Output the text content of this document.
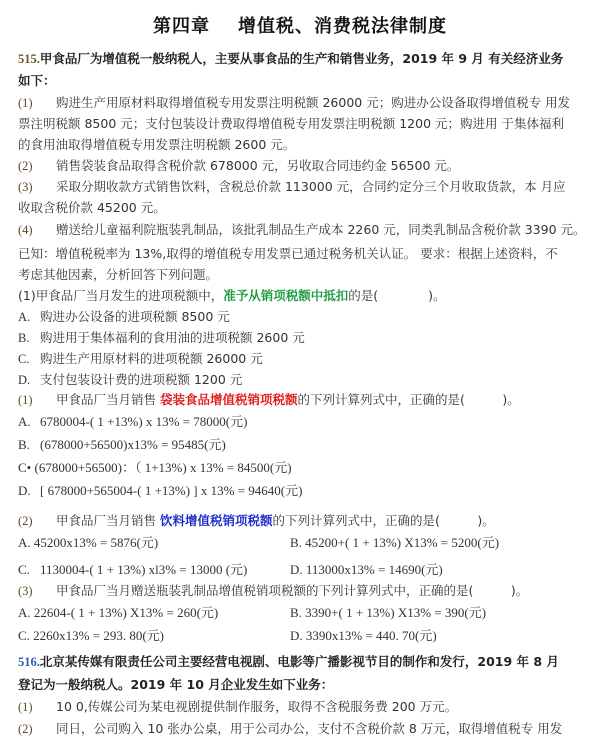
第四章 增值税、消费税法律制度
515.甲食品厂为增值税一般纳税人，主要从事食品的生产和销售业务，2019 年 9 月 有关经济业务
如下：
(1) 购进生产用原材料取得增值税专用发票注明税额 26000 元；购进办公设备取得增值税专 用发
票注明税额 8500 元；支付包装设计费取得增值税专用发票注明税额 1200 元；购进用 于集体福利
的食用油取得增值税专用发票注明税额 2600 元。
(2) 销售袋装食品取得含税价款 678000 元，另收取合同违约金 56500 元。
(3) 采取分期收款方式销售饮料，含税总价款 113000 元，合同约定分三个月收取货款，本 月应
收取含税价款 45200 元。
(4) 赠送给儿童福利院瓶装乳制品，该批乳制品生产成本 2260 元，同类乳制品含税价款 3390 元。
已知：增值税税率为 13%,取得的增值税专用发票已通过税务机关认证。 要求：根据上述资料，不
考虑其他因素，分析回答下列问题。
(1)甲食品厂当月发生的进项税额中，准予从销项税额中抵扣的是(　　　　)。
A. 购进办公设备的进项税额 8500 元
B. 购进用于集体福利的食用油的进项税额 2600 元
C. 购进生产用原材料的进项税额 26000 元
D. 支付包装设计费的进项税额 1200 元
(1) 甲食品厂当月销售 袋装食品增值税销项税额的下列计算列式中，正确的是(　　　)。
A. 6780004-( 1 +13%) x 13% = 78000(元)
B. (678000+56500)x13% = 95485(元)
C• (678000+56500)：（ 1+13%) x 13% = 84500(元)
D. [ 678000+565004-( 1 +13%) ] x 13% = 94640(元)
(2) 甲食品厂当月销售 饮料增值税销项税额的下列计算列式中，正确的是(　　　)。
A. 45200x13% = 5876(元)	B. 45200+( 1 + 13%) X13% = 5200(元)
C. 1130004-( 1 + 13%) xl3% = 13000 (元)	D. 113000x13% = 14690(元)
(3) 甲食品厂当月赠送瓶装乳制品增值税销项税额的下列计算列式中，正确的是(　　　)。
A. 22604-( 1 + 13%) X13% = 260(元)	B. 3390+( 1 + 13%) X13% = 390(元)
C. 2260x13% = 293. 80(元)	D. 3390x13% = 440. 70(元)
516.北京某传媒有限责任公司主要经营电视剧、电影等广播影视节目的制作和发行，2019 年 8 月
登记为一般纳税人。2019 年 10 月企业发生如下业务：
(1) 10 0,传媒公司为某电视剧提供制作服务，取得不含税服务费 200 万元。
(2) 同日，公司购入 10 张办公桌，用于公司办公，支付不含税价款 8 万元，取得增值税专 用发
